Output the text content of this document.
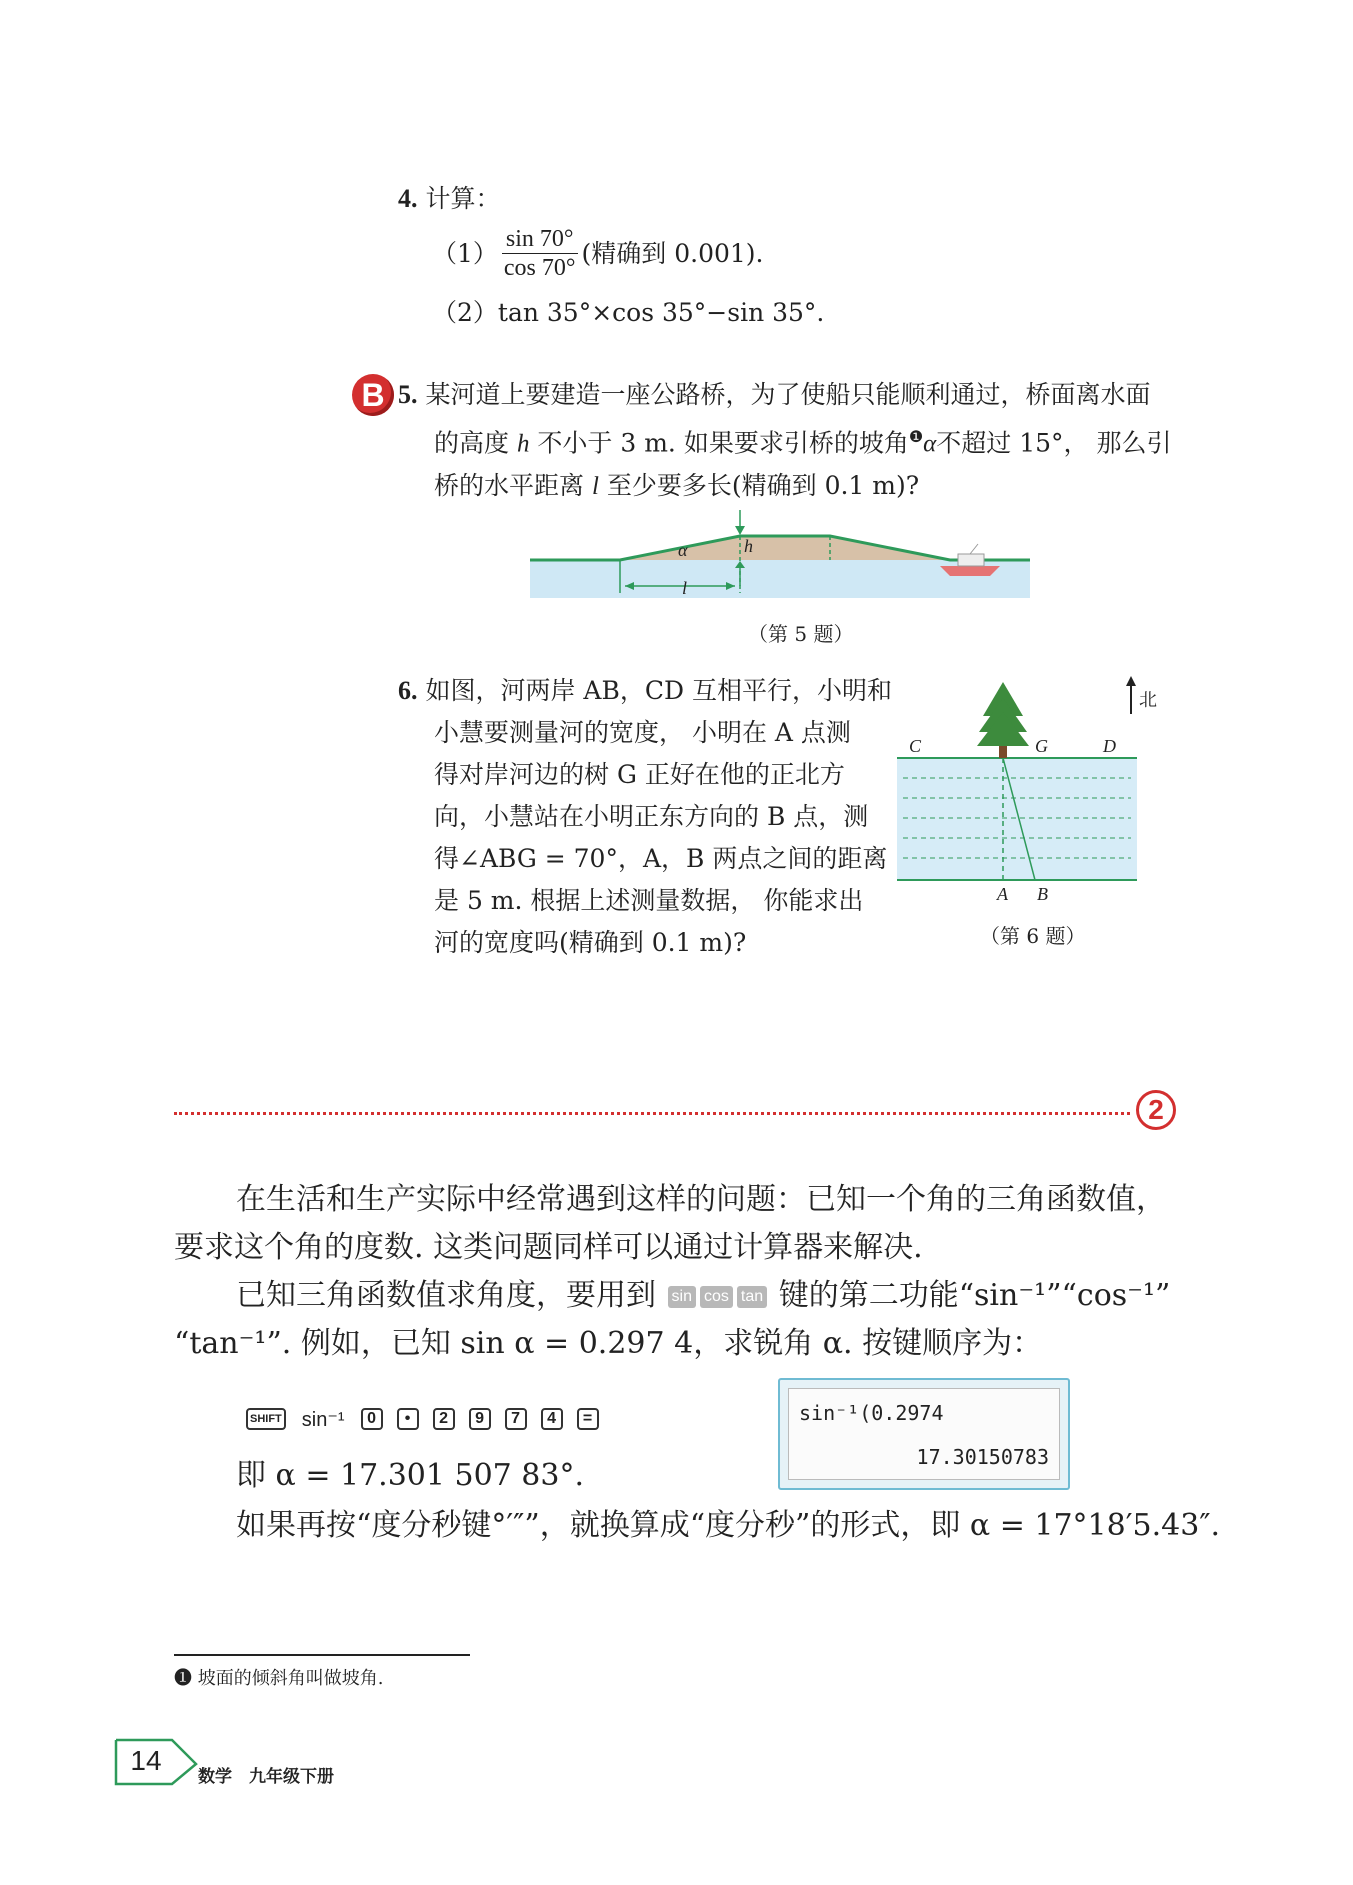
4. 计算：
$(1) \frac{\sin 70^\circ}{\cos 70^\circ}$ (精确到 0.001).
（2）tan 35°×cos 35°−sin 35°.
B 5. 某河道上要建造一座公路桥，为了使船只能顺利通过，桥面离水面
的高度 h 不小于 3 m. 如果要求引桥的坡角$^❶$α不超过 15°， 那么引
桥的水平距离 l 至少要多长(精确到 0.1 m)?
α	h
l
（第 5 题）
6. 如图，河两岸 AB，CD 互相平行，小明和
小慧要测量河的宽度， 小明在 A 点测
得对岸河边的树 G 正好在他的正北方
向，小慧站在小明正东方向的 B 点，测
得∠ABG = 70°，A，B 两点之间的距离
是 5 m. 根据上述测量数据， 你能求出
河的宽度吗(精确到 0.1 m)?
北
C	G	D
A B
（第 6 题）
2
在生活和生产实际中经常遇到这样的问题：已知一个角的三角函数值，
要求这个角的度数. 这类问题同样可以通过计算器来解决.
已知三角函数值求角度，要用到 sin cos tan 键的第二功能“sin⁻¹”“cos⁻¹”
“tan⁻¹”. 例如，已知 sin α = 0.297 4，求锐角 α. 按键顺序为：
SHIFT sin⁻¹	0	•	2	9	7	4	=	sin⁻¹(0.2974
17.30150783
即 α = 17.301 507 83°.
如果再按“度分秒键°′″”，就换算成“度分秒”的形式，即 α = 17°18′5.43″.
❶ 坡面的倾斜角叫做坡角.
14
数学　九年级下册
